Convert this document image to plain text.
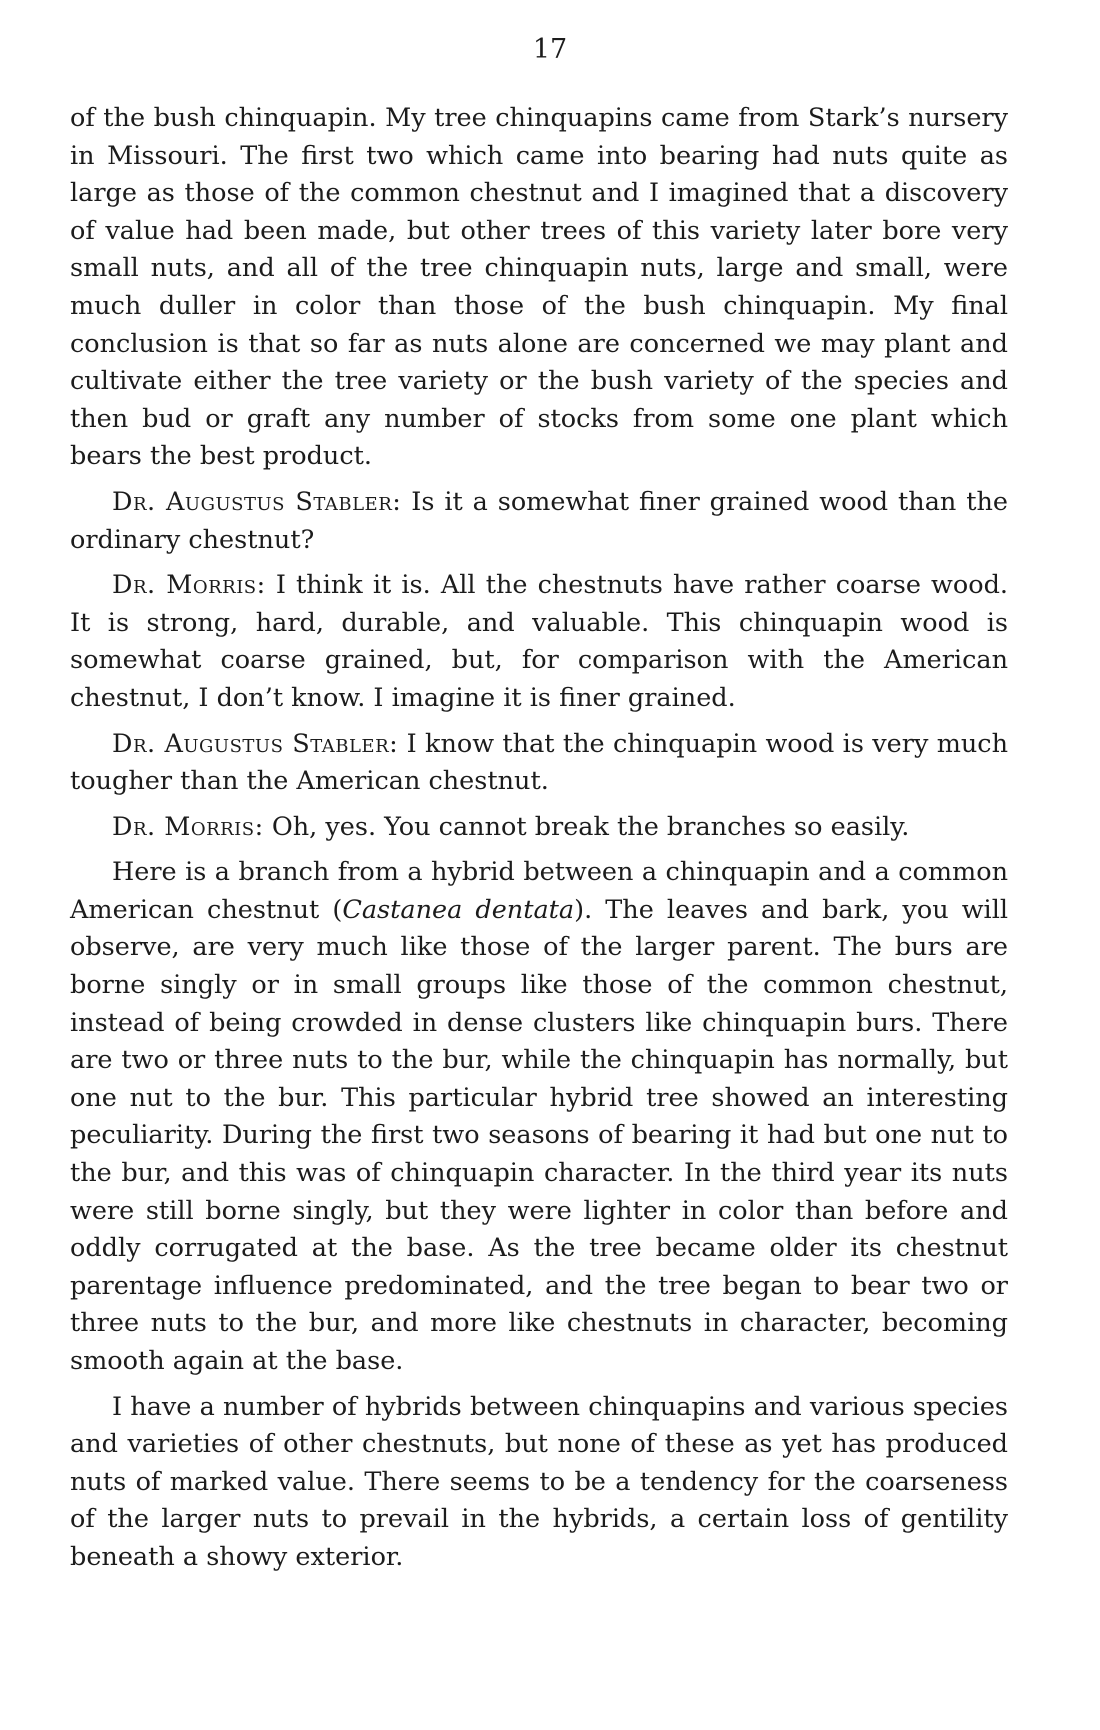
17

of the bush chinquapin. My tree chinquapins came from Stark’s nursery in Missouri. The first two which came into bearing had nuts quite as large as those of the common chestnut and I imagined that a discovery of value had been made, but other trees of this variety later bore very small nuts, and all of the tree chinquapin nuts, large and small, were much duller in color than those of the bush chinquapin. My final conclusion is that so far as nuts alone are concerned we may plant and cultivate either the tree variety or the bush variety of the species and then bud or graft any number of stocks from some one plant which bears the best product.

Dr. Augustus Stabler: Is it a somewhat finer grained wood than the ordinary chestnut?

Dr. Morris: I think it is. All the chestnuts have rather coarse wood. It is strong, hard, durable, and valuable. This chinquapin wood is somewhat coarse grained, but, for comparison with the American chestnut, I don’t know. I imagine it is finer grained.

Dr. Augustus Stabler: I know that the chinquapin wood is very much tougher than the American chestnut.

Dr. Morris: Oh, yes. You cannot break the branches so easily.

Here is a branch from a hybrid between a chinquapin and a common American chestnut (Castanea dentata). The leaves and bark, you will observe, are very much like those of the larger parent. The burs are borne singly or in small groups like those of the common chestnut, instead of being crowded in dense clusters like chinquapin burs. There are two or three nuts to the bur, while the chinquapin has normally, but one nut to the bur. This particular hybrid tree showed an interesting peculiarity. During the first two seasons of bearing it had but one nut to the bur, and this was of chinquapin character. In the third year its nuts were still borne singly, but they were lighter in color than before and oddly corrugated at the base. As the tree became older its chestnut parentage influence predominated, and the tree began to bear two or three nuts to the bur, and more like chestnuts in character, becoming smooth again at the base.

I have a number of hybrids between chinquapins and various species and varieties of other chestnuts, but none of these as yet has produced nuts of marked value. There seems to be a tendency for the coarseness of the larger nuts to prevail in the hybrids, a certain loss of gentility beneath a showy exterior.
